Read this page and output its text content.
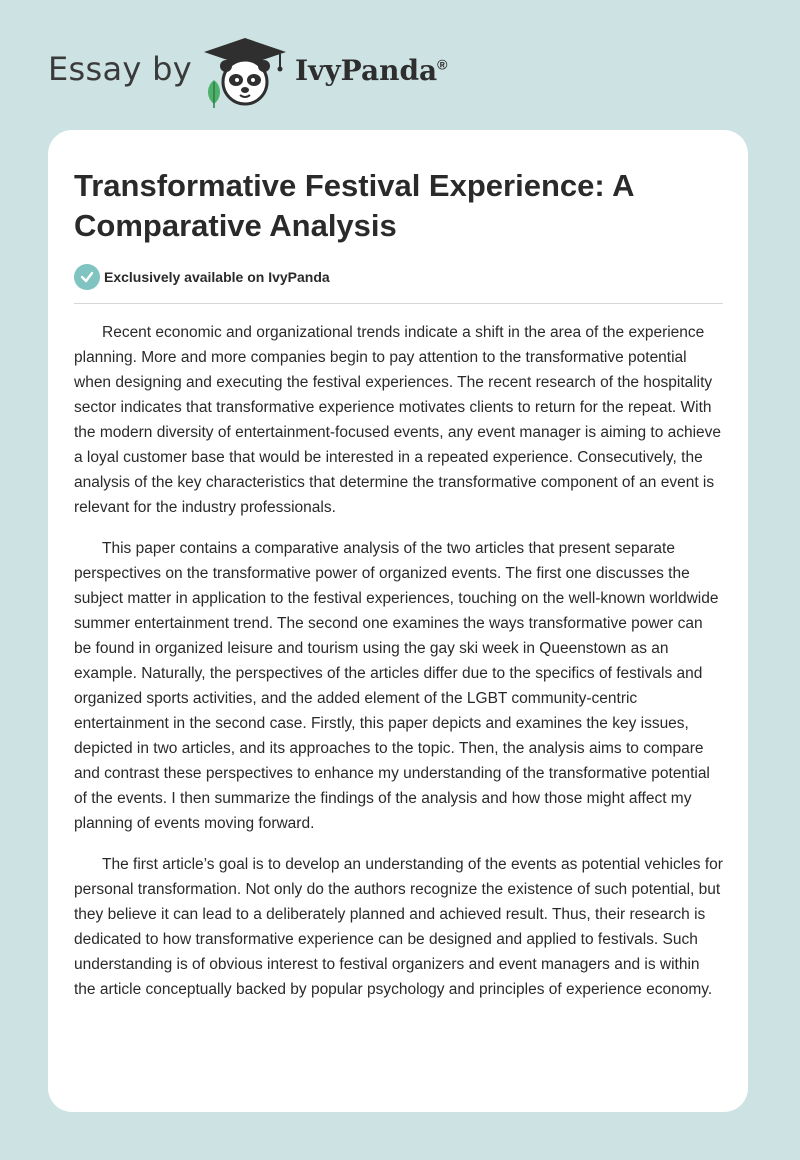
Essay by	IvyPanda®
Transformative Festival Experience: A Comparative Analysis
Exclusively available on IvyPanda

Recent economic and organizational trends indicate a shift in the area of the experience planning. More and more companies begin to pay attention to the transformative potential when designing and executing the festival experiences. The recent research of the hospitality sector indicates that transformative experience motivates clients to return for the repeat. With the modern diversity of entertainment-focused events, any event manager is aiming to achieve a loyal customer base that would be interested in a repeated experience. Consecutively, the analysis of the key characteristics that determine the transformative component of an event is relevant for the industry professionals.

This paper contains a comparative analysis of the two articles that present separate perspectives on the transformative power of organized events. The first one discusses the subject matter in application to the festival experiences, touching on the well-known worldwide summer entertainment trend. The second one examines the ways transformative power can be found in organized leisure and tourism using the gay ski week in Queenstown as an example. Naturally, the perspectives of the articles differ due to the specifics of festivals and organized sports activities, and the added element of the LGBT community-centric entertainment in the second case. Firstly, this paper depicts and examines the key issues, depicted in two articles, and its approaches to the topic. Then, the analysis aims to compare and contrast these perspectives to enhance my understanding of the transformative potential of the events. I then summarize the findings of the analysis and how those might affect my planning of events moving forward.

The first article’s goal is to develop an understanding of the events as potential vehicles for personal transformation. Not only do the authors recognize the existence of such potential, but they believe it can lead to a deliberately planned and achieved result. Thus, their research is dedicated to how transformative experience can be designed and applied to festivals. Such understanding is of obvious interest to festival organizers and event managers and is within the article conceptually backed by popular psychology and principles of experience economy.
